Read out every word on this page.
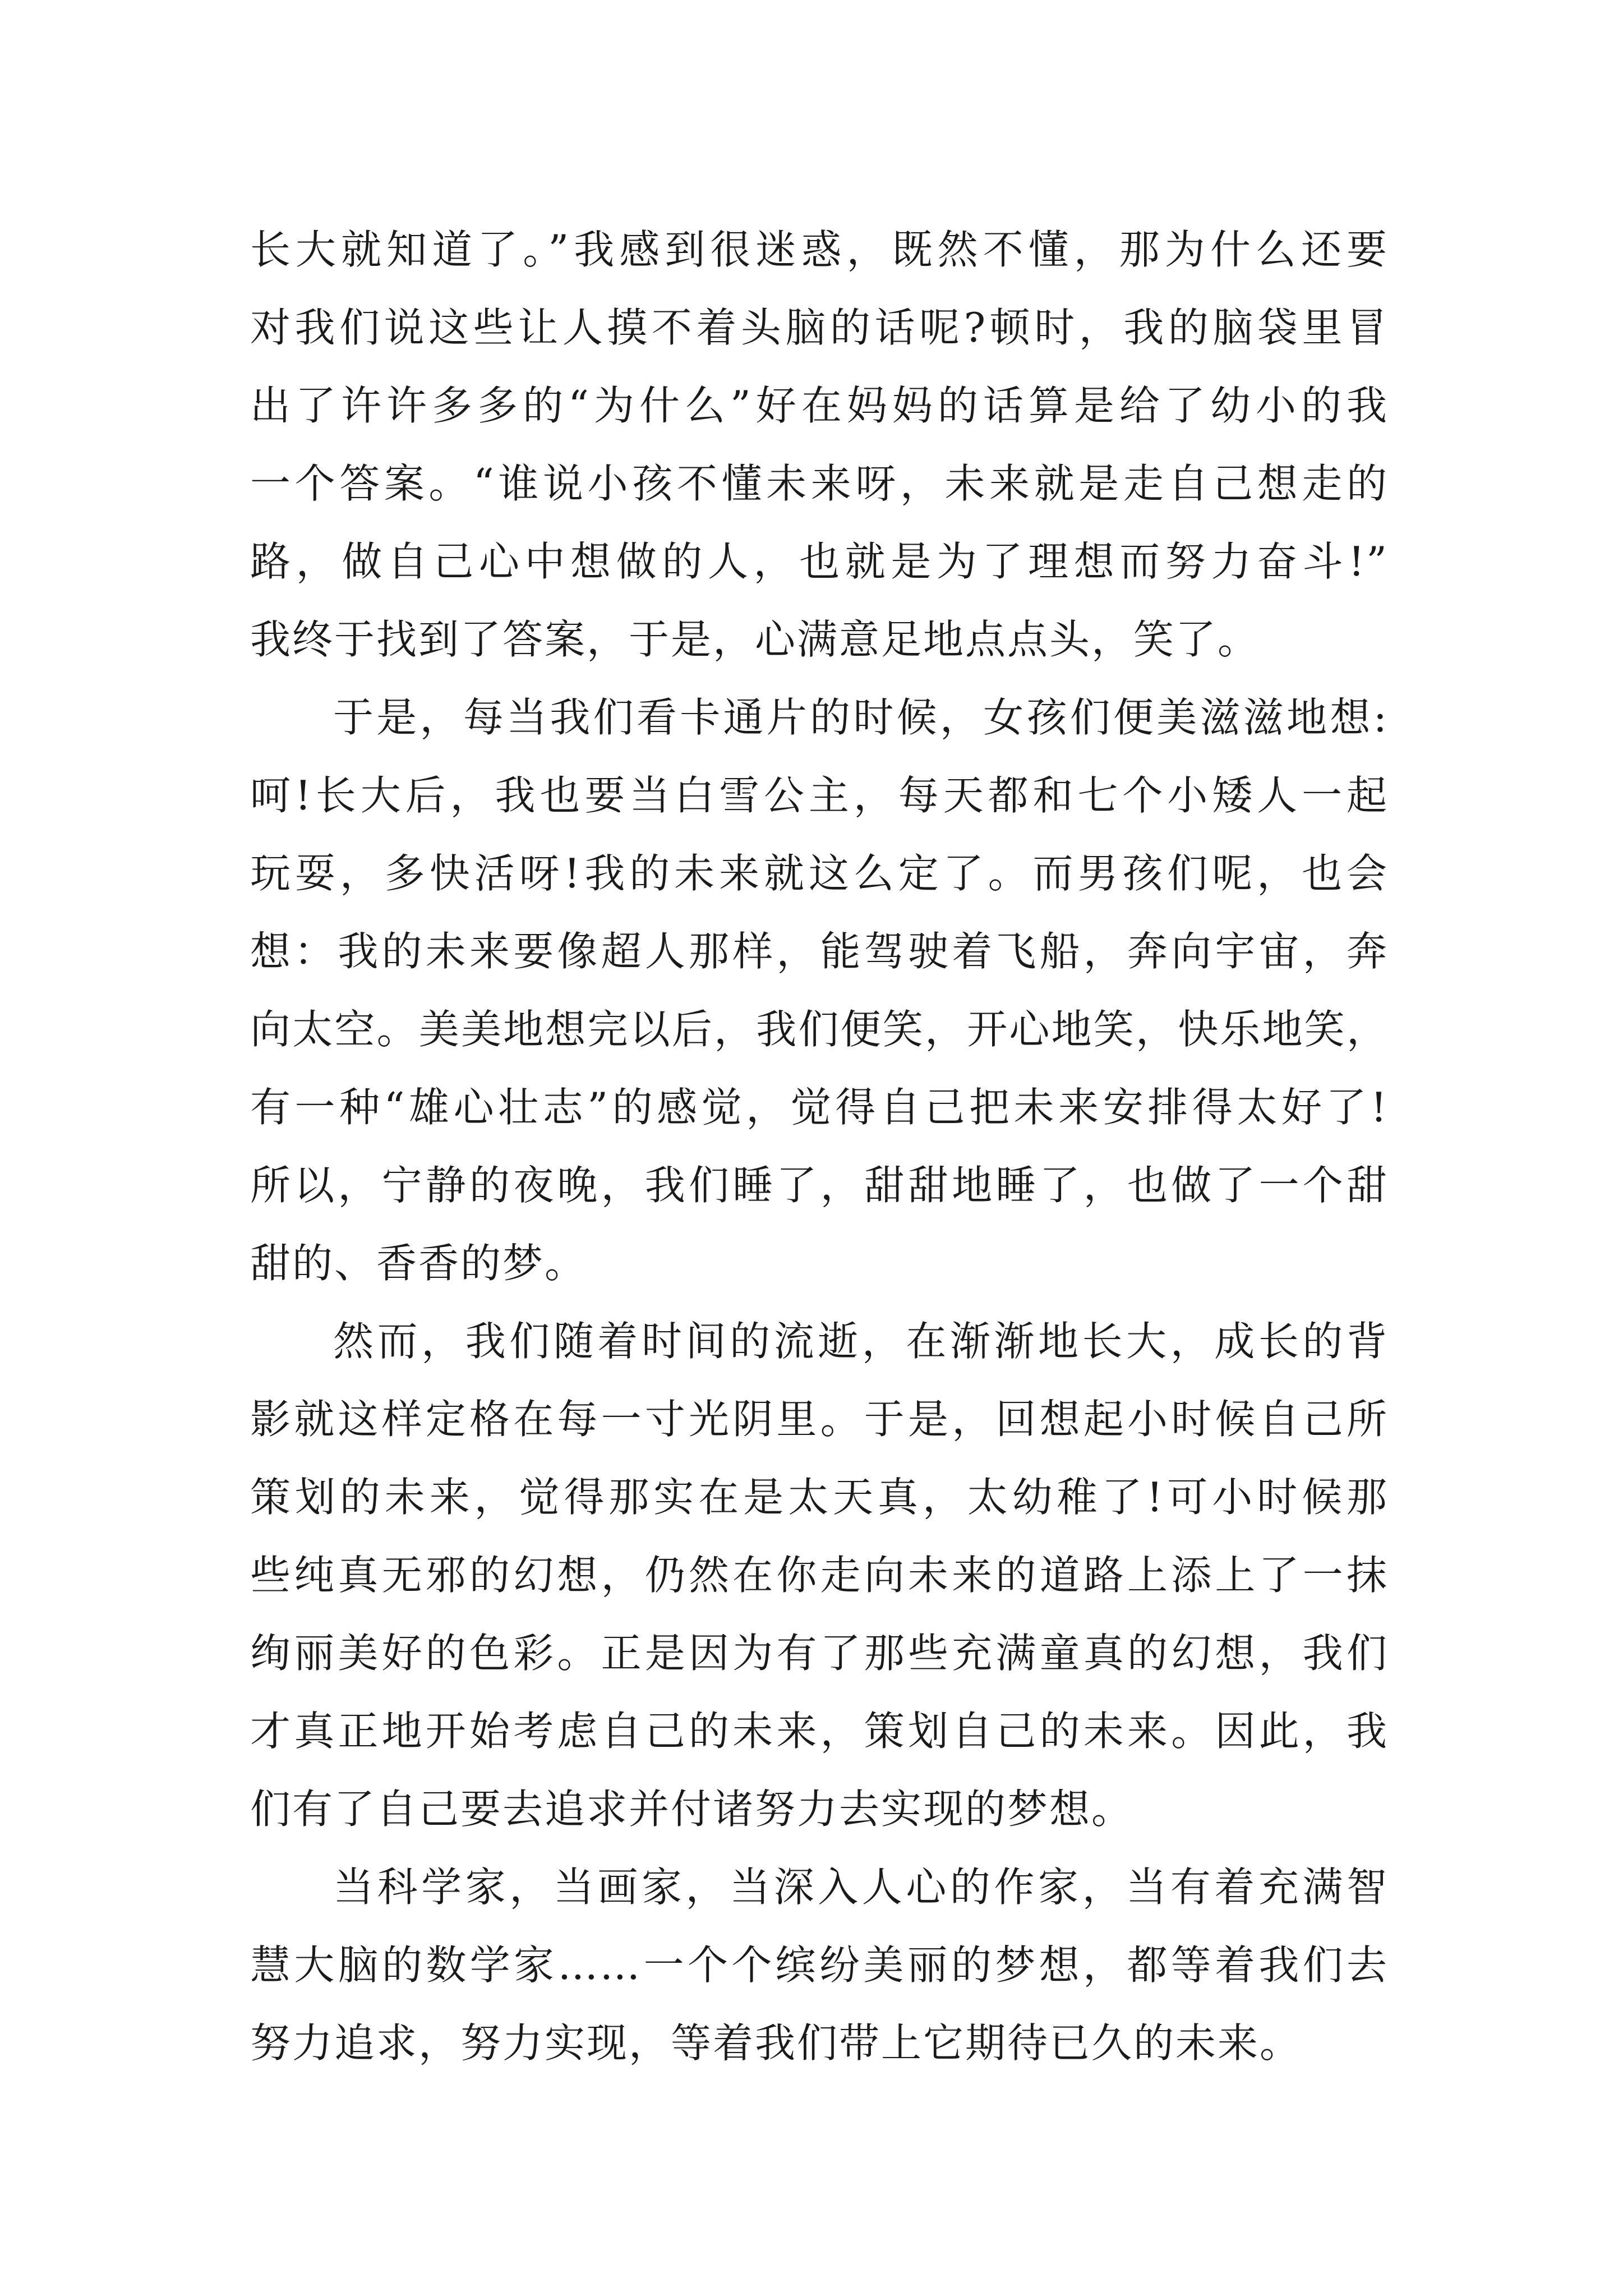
长大就知道了。”我感到很迷惑，既然不懂，那为什么还要
对我们说这些让人摸不着头脑的话呢?顿时，我的脑袋里冒
出了许许多多的“为什么”好在妈妈的话算是给了幼小的我
一个答案。“谁说小孩不懂未来呀，未来就是走自己想走的
路，做自己心中想做的人，也就是为了理想而努力奋斗!”
我终于找到了答案，于是，心满意足地点点头，笑了。
于是，每当我们看卡通片的时候，女孩们便美滋滋地想:
呵!长大后，我也要当白雪公主，每天都和七个小矮人一起
玩耍，多快活呀!我的未来就这么定了。而男孩们呢，也会
想：我的未来要像超人那样，能驾驶着飞船，奔向宇宙，奔
向太空。美美地想完以后，我们便笑，开心地笑，快乐地笑，
有一种“雄心壮志”的感觉，觉得自己把未来安排得太好了!
所以，宁静的夜晚，我们睡了，甜甜地睡了，也做了一个甜
甜的、香香的梦。
然而，我们随着时间的流逝，在渐渐地长大，成长的背
影就这样定格在每一寸光阴里。于是，回想起小时候自己所
策划的未来，觉得那实在是太天真，太幼稚了!可小时候那
些纯真无邪的幻想，仍然在你走向未来的道路上添上了一抹
绚丽美好的色彩。正是因为有了那些充满童真的幻想，我们
才真正地开始考虑自己的未来，策划自己的未来。因此，我
们有了自己要去追求并付诸努力去实现的梦想。
当科学家，当画家，当深入人心的作家，当有着充满智
慧大脑的数学家……一个个缤纷美丽的梦想，都等着我们去
努力追求，努力实现，等着我们带上它期待已久的未来。
